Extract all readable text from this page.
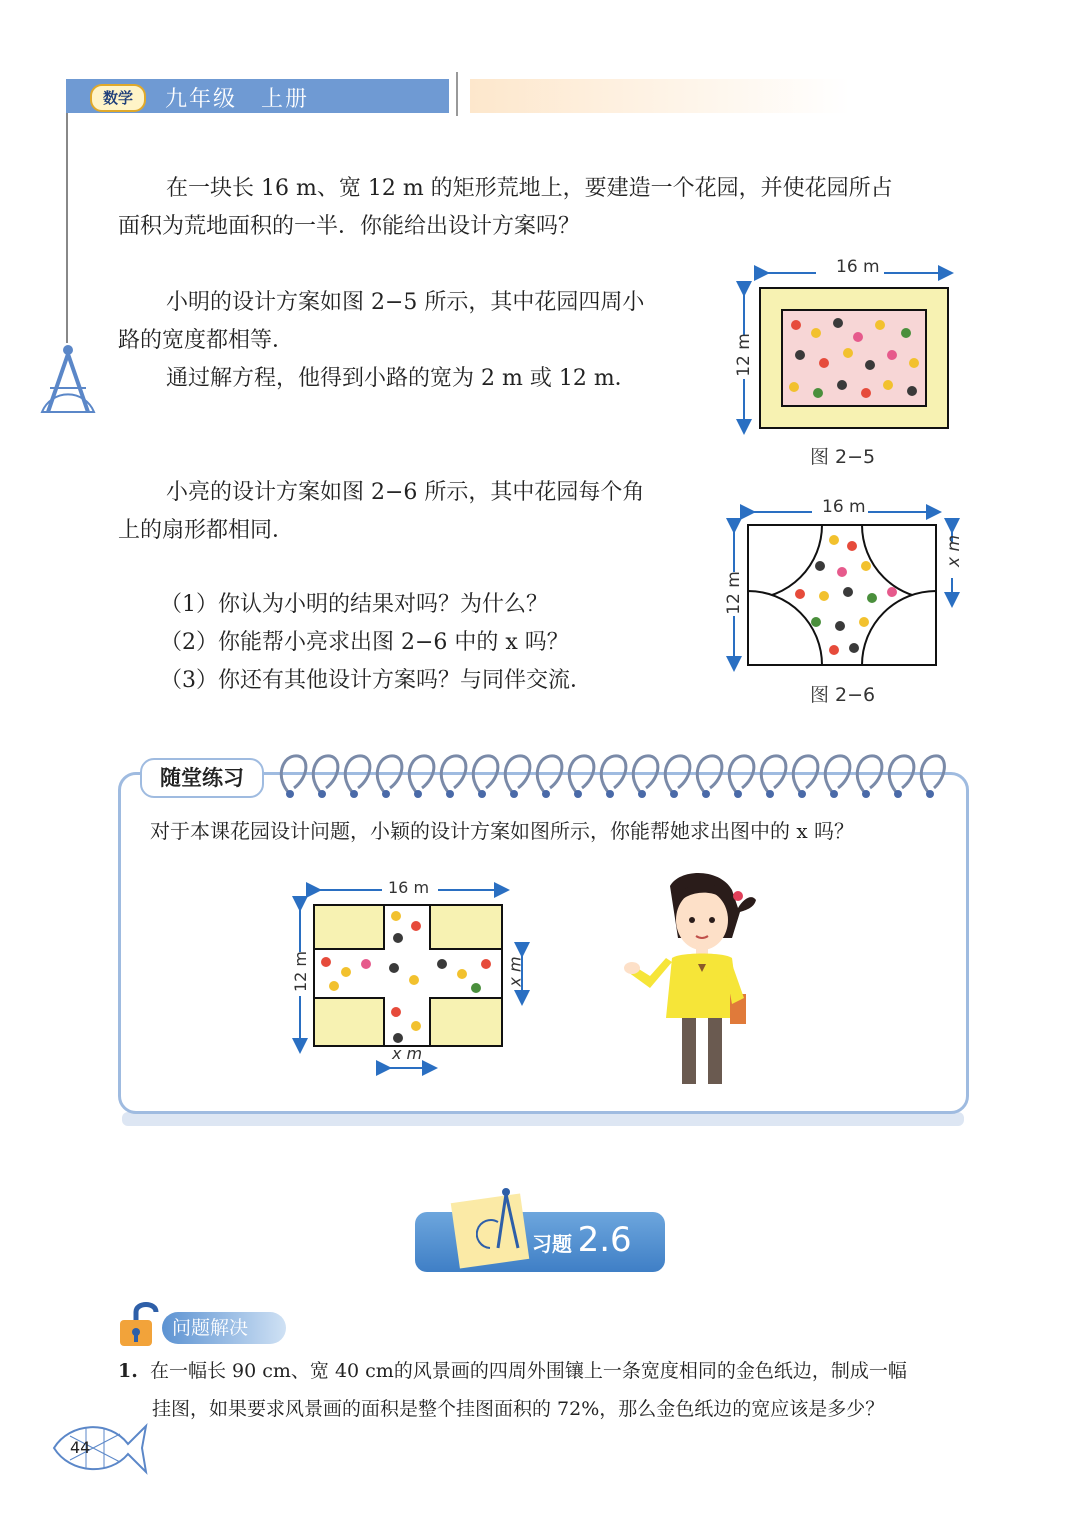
数学	九年级　上册
在一块长 16 m、宽 12 m 的矩形荒地上，要建造一个花园，并使花园所占
面积为荒地面积的一半．你能给出设计方案吗？
小明的设计方案如图 2−5 所示，其中花园四周小
路的宽度都相等．
通过解方程，他得到小路的宽为 2 m 或 12 m．
16 m
12 m
图 2−5
小亮的设计方案如图 2−6 所示，其中花园每个角
上的扇形都相同．
（1）你认为小明的结果对吗？为什么？
（2）你能帮小亮求出图 2−6 中的 x 吗？
（3）你还有其他设计方案吗？与同伴交流．
16 m
12 m
x m
图 2−6
随堂练习
对于本课花园设计问题，小颖的设计方案如图所示，你能帮她求出图中的 x 吗？
16 m
12 m	x m
x m
习题 2.6
问题解决
1. 在一幅长 90 cm、宽 40 cm的风景画的四周外围镶上一条宽度相同的金色纸边，制成一幅
挂图，如果要求风景画的面积是整个挂图面积的 72%，那么金色纸边的宽应该是多少？
44
